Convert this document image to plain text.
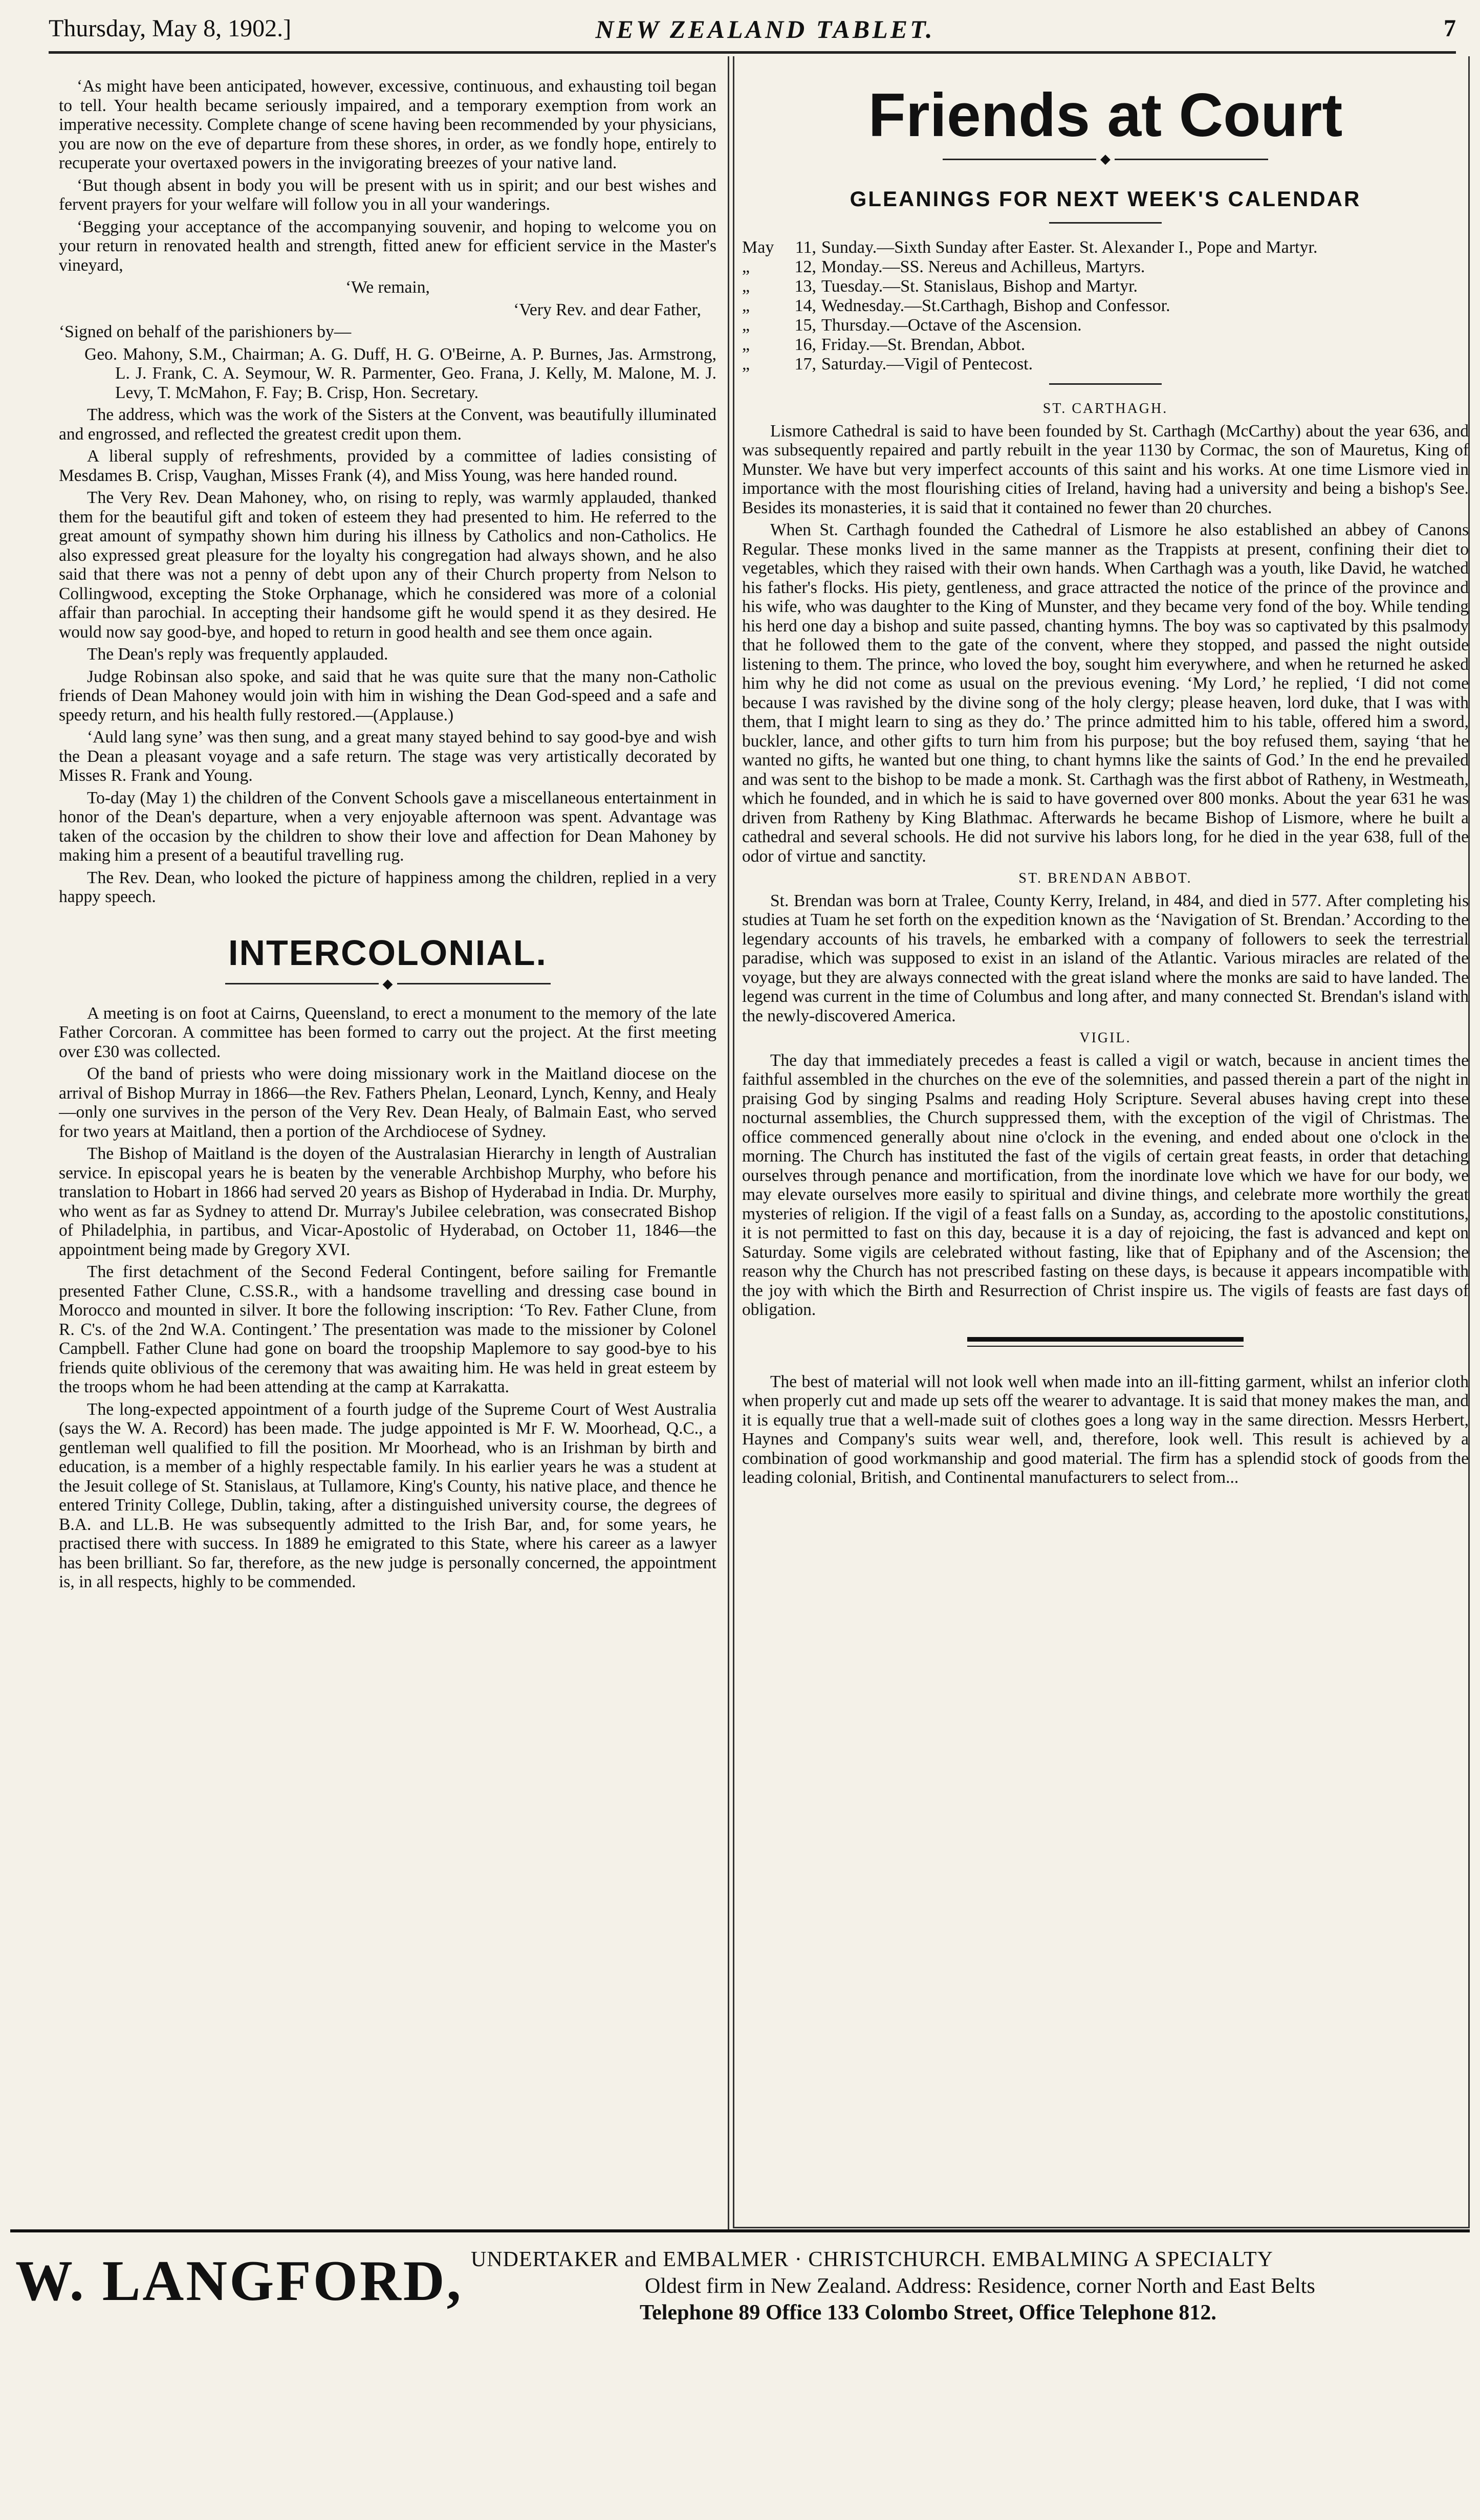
Thursday, May 8, 1902.]	NEW ZEALAND TABLET.	7

‘As might have been anticipated, however, excessive, continuous, and exhausting toil began to tell. Your health became seriously impaired, and a temporary exemption from work an imperative necessity. Complete change of scene having been recommended by your physicians, you are now on the eve of departure from these shores, in order, as we fondly hope, entirely to recuperate your overtaxed powers in the invigorating breezes of your native land.

‘But though absent in body you will be present with us in spirit; and our best wishes and fervent prayers for your welfare will follow you in all your wanderings.

‘Begging your acceptance of the accompanying souvenir, and hoping to welcome you on your return in renovated health and strength, fitted anew for efficient service in the Master's vineyard,

‘We remain,

‘Very Rev. and dear Father,

‘Signed on behalf of the parishioners by—

Geo. Mahony, S.M., Chairman; A. G. Duff, H. G. O'Beirne, A. P. Burnes, Jas. Armstrong, L. J. Frank, C. A. Seymour, W. R. Parmenter, Geo. Frana, J. Kelly, M. Malone, M. J. Levy, T. McMahon, F. Fay; B. Crisp, Hon. Secretary.

The address, which was the work of the Sisters at the Convent, was beautifully illuminated and engrossed, and reflected the greatest credit upon them.

A liberal supply of refreshments, provided by a committee of ladies consisting of Mesdames B. Crisp, Vaughan, Misses Frank (4), and Miss Young, was here handed round.

The Very Rev. Dean Mahoney, who, on rising to reply, was warmly applauded, thanked them for the beautiful gift and token of esteem they had presented to him. He referred to the great amount of sympathy shown him during his illness by Catholics and non-Catholics. He also expressed great pleasure for the loyalty his congregation had always shown, and he also said that there was not a penny of debt upon any of their Church property from Nelson to Collingwood, excepting the Stoke Orphanage, which he considered was more of a colonial affair than parochial. In accepting their handsome gift he would spend it as they desired. He would now say good-bye, and hoped to return in good health and see them once again.

The Dean's reply was frequently applauded.

Judge Robinsan also spoke, and said that he was quite sure that the many non-Catholic friends of Dean Mahoney would join with him in wishing the Dean God-speed and a safe and speedy return, and his health fully restored.—(Applause.)

‘Auld lang syne’ was then sung, and a great many stayed behind to say good-bye and wish the Dean a pleasant voyage and a safe return. The stage was very artistically decorated by Misses R. Frank and Young.

To-day (May 1) the children of the Convent Schools gave a miscellaneous entertainment in honor of the Dean's departure, when a very enjoyable afternoon was spent. Advantage was taken of the occasion by the children to show their love and affection for Dean Mahoney by making him a present of a beautiful travelling rug.

The Rev. Dean, who looked the picture of happiness among the children, replied in a very happy speech.

INTERCOLONIAL.
◆

A meeting is on foot at Cairns, Queensland, to erect a monument to the memory of the late Father Corcoran. A committee has been formed to carry out the project. At the first meeting over £30 was collected.

Of the band of priests who were doing missionary work in the Maitland diocese on the arrival of Bishop Murray in 1866—the Rev. Fathers Phelan, Leonard, Lynch, Kenny, and Healy—only one survives in the person of the Very Rev. Dean Healy, of Balmain East, who served for two years at Maitland, then a portion of the Archdiocese of Sydney.

The Bishop of Maitland is the doyen of the Australasian Hierarchy in length of Australian service. In episcopal years he is beaten by the venerable Archbishop Murphy, who before his translation to Hobart in 1866 had served 20 years as Bishop of Hyderabad in India. Dr. Murphy, who went as far as Sydney to attend Dr. Murray's Jubilee celebration, was consecrated Bishop of Philadelphia, in partibus, and Vicar-Apostolic of Hyderabad, on October 11, 1846—the appointment being made by Gregory XVI.

The first detachment of the Second Federal Contingent, before sailing for Fremantle presented Father Clune, C.SS.R., with a handsome travelling and dressing case bound in Morocco and mounted in silver. It bore the following inscription: ‘To Rev. Father Clune, from R. C's. of the 2nd W.A. Contingent.’ The presentation was made to the missioner by Colonel Campbell. Father Clune had gone on board the troopship Maplemore to say good-bye to his friends quite oblivious of the ceremony that was awaiting him. He was held in great esteem by the troops whom he had been attending at the camp at Karrakatta.

The long-expected appointment of a fourth judge of the Supreme Court of West Australia (says the W. A. Record) has been made. The judge appointed is Mr F. W. Moorhead, Q.C., a gentleman well qualified to fill the position. Mr Moorhead, who is an Irishman by birth and education, is a member of a highly respectable family. In his earlier years he was a student at the Jesuit college of St. Stanislaus, at Tullamore, King's County, his native place, and thence he entered Trinity College, Dublin, taking, after a distinguished university course, the degrees of B.A. and LL.B. He was subsequently admitted to the Irish Bar, and, for some years, he practised there with success. In 1889 he emigrated to this State, where his career as a lawyer has been brilliant. So far, therefore, as the new judge is personally concerned, the appointment is, in all respects, highly to be commended.

Friends at Court
◆
GLEANINGS FOR NEXT WEEK'S CALENDAR
May 11, Sunday.—Sixth Sunday after Easter. St. Alexander I., Pope and Martyr.
„	12, Monday.—SS. Nereus and Achilleus, Martyrs.
„	13, Tuesday.—St. Stanislaus, Bishop and Martyr.
„	14, Wednesday.—St.Carthagh, Bishop and Confessor.
„	15, Thursday.—Octave of the Ascension.
„	16, Friday.—St. Brendan, Abbot.
„	17, Saturday.—Vigil of Pentecost.

ST. CARTHAGH.

Lismore Cathedral is said to have been founded by St. Carthagh (McCarthy) about the year 636, and was subsequently repaired and partly rebuilt in the year 1130 by Cormac, the son of Mauretus, King of Munster. We have but very imperfect accounts of this saint and his works. At one time Lismore vied in importance with the most flourishing cities of Ireland, having had a university and being a bishop's See. Besides its monasteries, it is said that it contained no fewer than 20 churches.

When St. Carthagh founded the Cathedral of Lismore he also established an abbey of Canons Regular. These monks lived in the same manner as the Trappists at present, confining their diet to vegetables, which they raised with their own hands. When Carthagh was a youth, like David, he watched his father's flocks. His piety, gentleness, and grace attracted the notice of the prince of the province and his wife, who was daughter to the King of Munster, and they became very fond of the boy. While tending his herd one day a bishop and suite passed, chanting hymns. The boy was so captivated by this psalmody that he followed them to the gate of the convent, where they stopped, and passed the night outside listening to them. The prince, who loved the boy, sought him everywhere, and when he returned he asked him why he did not come as usual on the previous evening. ‘My Lord,’ he replied, ‘I did not come because I was ravished by the divine song of the holy clergy; please heaven, lord duke, that I was with them, that I might learn to sing as they do.’ The prince admitted him to his table, offered him a sword, buckler, lance, and other gifts to turn him from his purpose; but the boy refused them, saying ‘that he wanted no gifts, he wanted but one thing, to chant hymns like the saints of God.’ In the end he prevailed and was sent to the bishop to be made a monk. St. Carthagh was the first abbot of Ratheny, in Westmeath, which he founded, and in which he is said to have governed over 800 monks. About the year 631 he was driven from Ratheny by King Blathmac. Afterwards he became Bishop of Lismore, where he built a cathedral and several schools. He did not survive his labors long, for he died in the year 638, full of the odor of virtue and sanctity.

ST. BRENDAN ABBOT.

St. Brendan was born at Tralee, County Kerry, Ireland, in 484, and died in 577. After completing his studies at Tuam he set forth on the expedition known as the ‘Navigation of St. Brendan.’ According to the legendary accounts of his travels, he embarked with a company of followers to seek the terrestrial paradise, which was supposed to exist in an island of the Atlantic. Various miracles are related of the voyage, but they are always connected with the great island where the monks are said to have landed. The legend was current in the time of Columbus and long after, and many connected St. Brendan's island with the newly-discovered America.

VIGIL.

The day that immediately precedes a feast is called a vigil or watch, because in ancient times the faithful assembled in the churches on the eve of the solemnities, and passed therein a part of the night in praising God by singing Psalms and reading Holy Scripture. Several abuses having crept into these nocturnal assemblies, the Church suppressed them, with the exception of the vigil of Christmas. The office commenced generally about nine o'clock in the evening, and ended about one o'clock in the morning. The Church has instituted the fast of the vigils of certain great feasts, in order that detaching ourselves through penance and mortification, from the inordinate love which we have for our body, we may elevate ourselves more easily to spiritual and divine things, and celebrate more worthily the great mysteries of religion. If the vigil of a feast falls on a Sunday, as, according to the apostolic constitutions, it is not permitted to fast on this day, because it is a day of rejoicing, the fast is advanced and kept on Saturday. Some vigils are celebrated without fasting, like that of Epiphany and of the Ascension; the reason why the Church has not prescribed fasting on these days, is because it appears incompatible with the joy with which the Birth and Resurrection of Christ inspire us. The vigils of feasts are fast days of obligation.

The best of material will not look well when made into an ill-fitting garment, whilst an inferior cloth when properly cut and made up sets off the wearer to advantage. It is said that money makes the man, and it is equally true that a well-made suit of clothes goes a long way in the same direction. Messrs Herbert, Haynes and Company's suits wear well, and, therefore, look well. This result is achieved by a combination of good workmanship and good material. The firm has a splendid stock of goods from the leading colonial, British, and Continental manufacturers to select from...

W. LANGFORD, UNDERTAKER and EMBALMER · CHRISTCHURCH. EMBALMING A SPECIALTY
Oldest firm in New Zealand. Address: Residence, corner North and East Belts
Telephone 89 Office 133 Colombo Street, Office Telephone 812.
